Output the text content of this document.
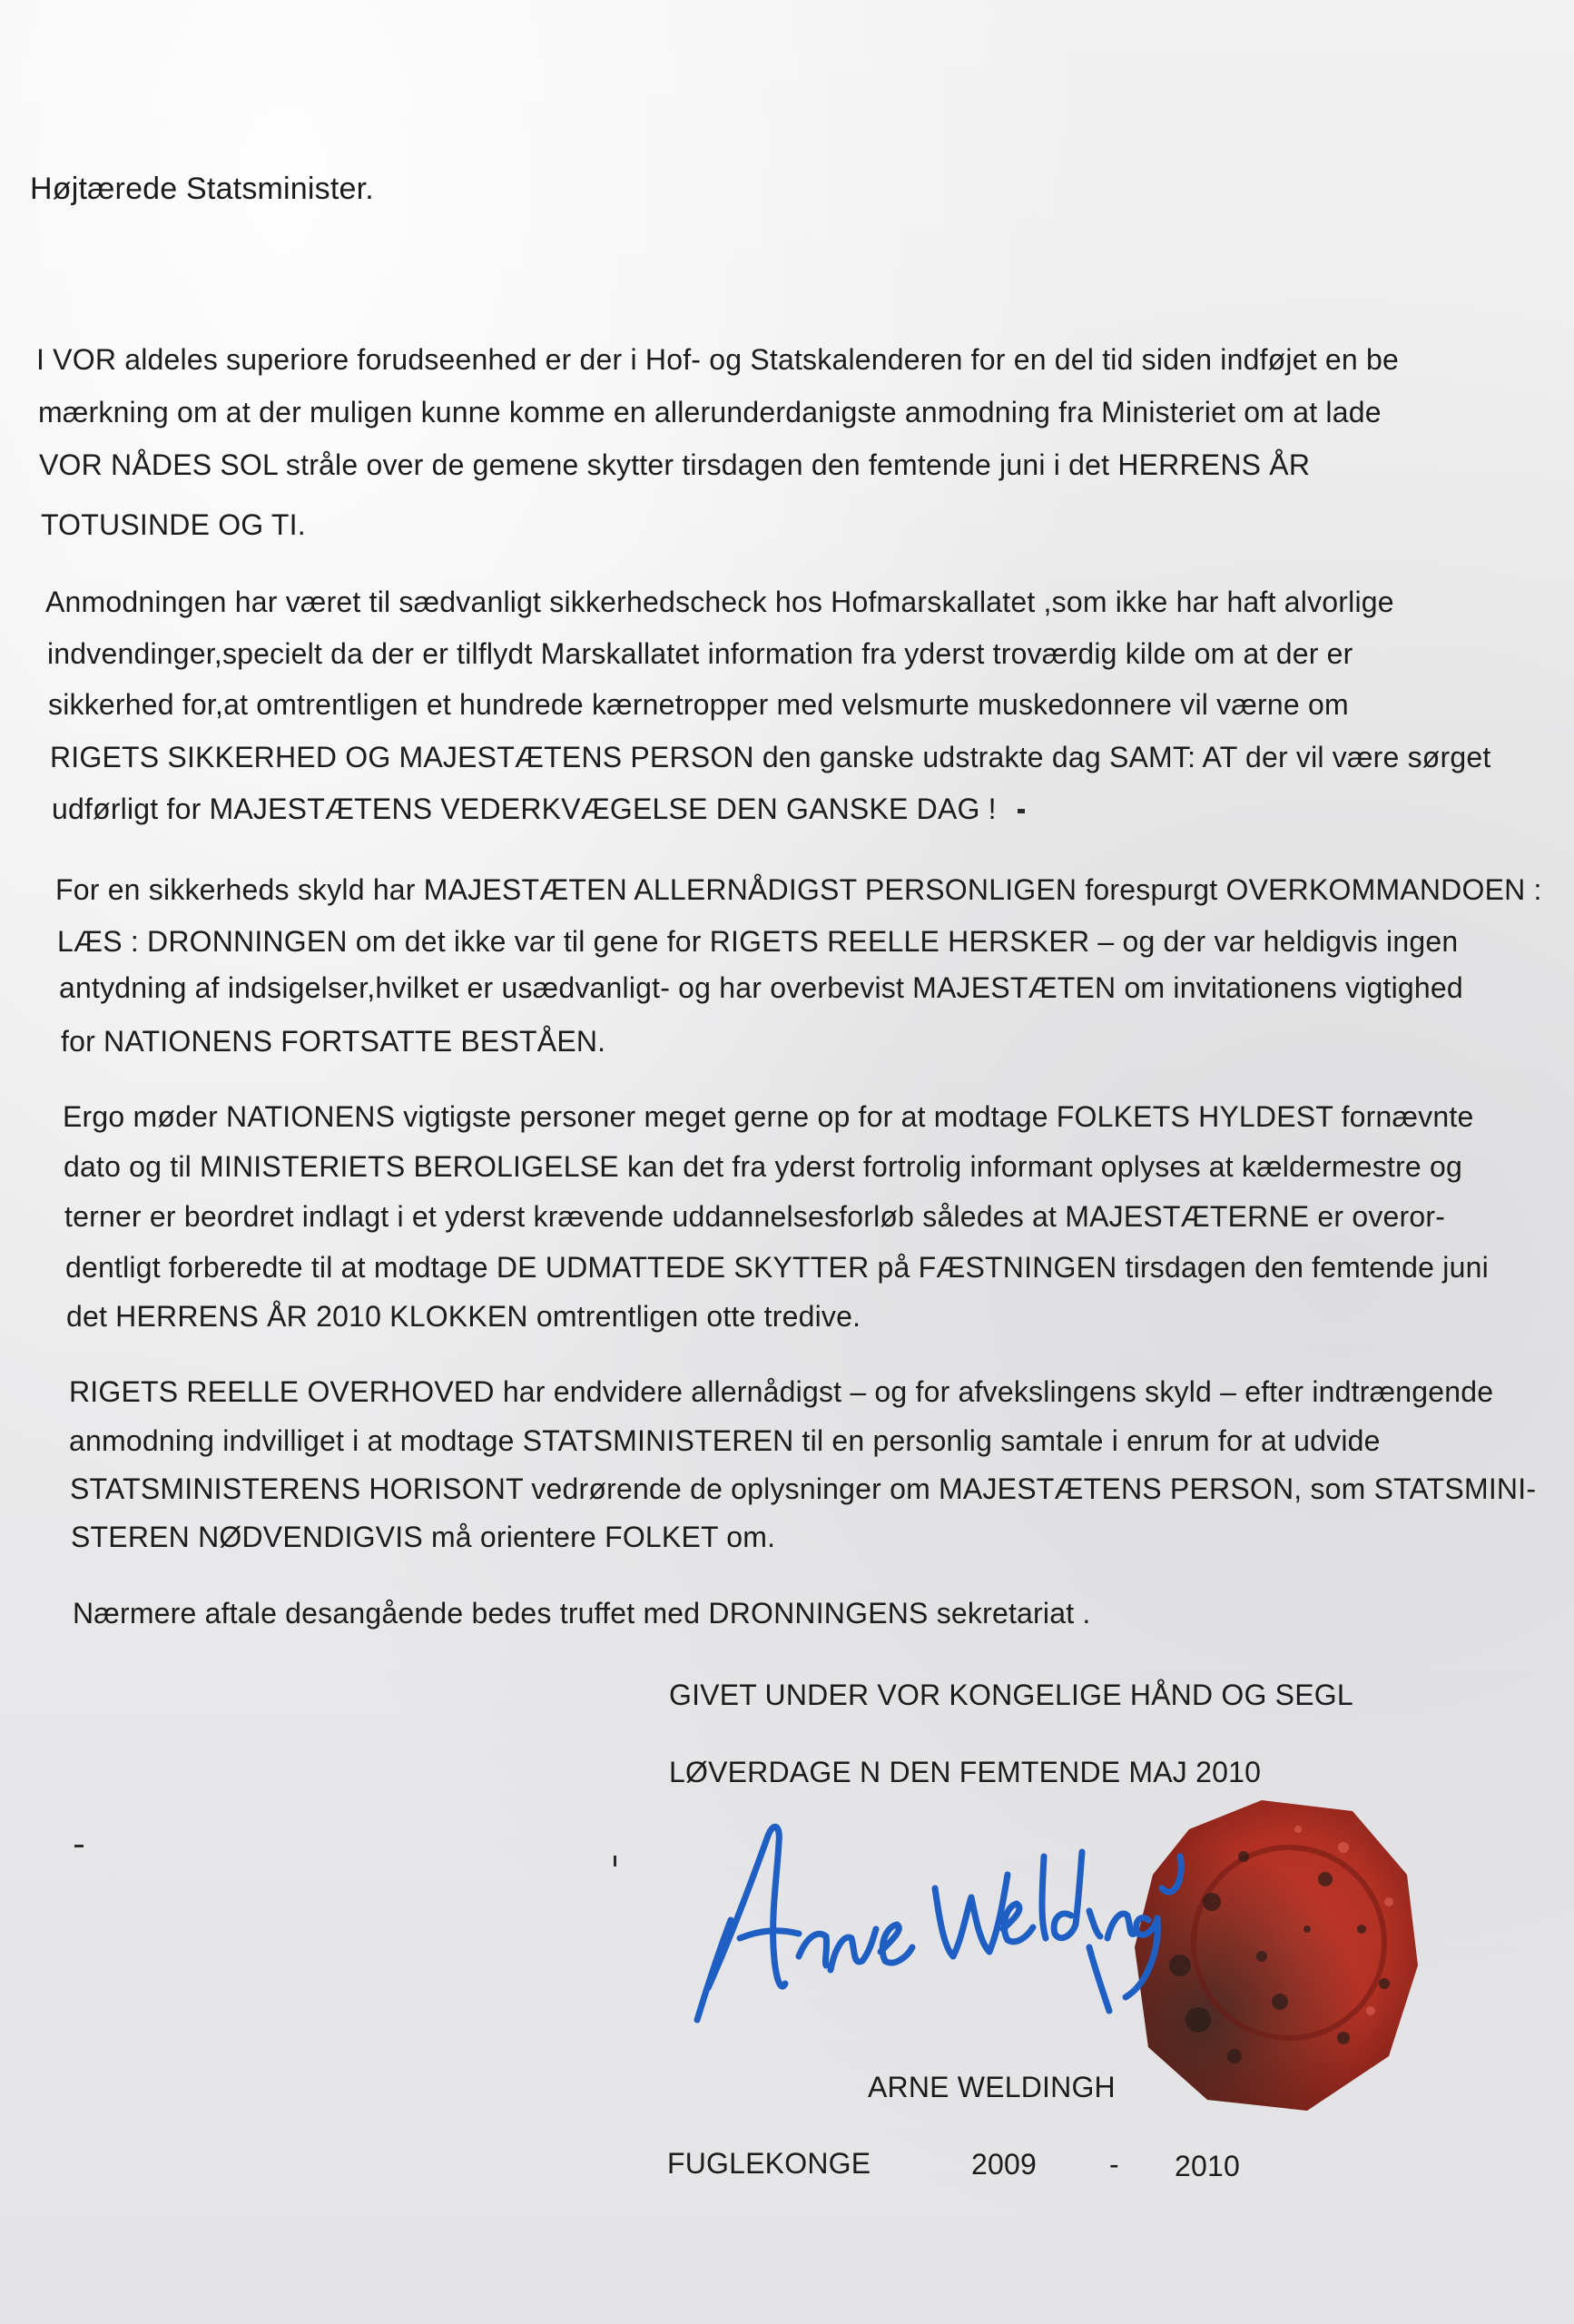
Højtærede Statsminister.
I VOR aldeles superiore forudseenhed er der i Hof- og Statskalenderen for en del tid siden indføjet en be
mærkning om at der muligen kunne komme en allerunderdanigste anmodning fra Ministeriet om at lade
VOR NÅDES SOL stråle over de gemene skytter tirsdagen den femtende juni i det HERRENS ÅR
TOTUSINDE OG TI.
Anmodningen har været til sædvanligt sikkerhedscheck hos Hofmarskallatet ,som ikke har haft alvorlige
indvendinger,specielt da der er tilflydt Marskallatet information fra yderst troværdig kilde om at der er
sikkerhed for,at omtrentligen et hundrede kærnetropper med velsmurte muskedonnere vil værne om
RIGETS SIKKERHED OG MAJESTÆTENS PERSON den ganske udstrakte dag SAMT: AT der vil være sørget
udførligt for MAJESTÆTENS VEDERKVÆGELSE DEN GANSKE DAG !
For en sikkerheds skyld har MAJESTÆTEN ALLERNÅDIGST PERSONLIGEN forespurgt OVERKOMMANDOEN :
LÆS : DRONNINGEN om det ikke var til gene for RIGETS REELLE HERSKER – og der var heldigvis ingen
antydning af indsigelser,hvilket er usædvanligt- og har overbevist MAJESTÆTEN om invitationens vigtighed
for NATIONENS FORTSATTE BESTÅEN.
Ergo møder NATIONENS vigtigste personer meget gerne op for at modtage FOLKETS HYLDEST fornævnte
dato og til MINISTERIETS BEROLIGELSE kan det fra yderst fortrolig informant oplyses at kældermestre og
terner er beordret indlagt i et yderst krævende uddannelsesforløb således at MAJESTÆTERNE er overor-
dentligt forberedte til at modtage DE UDMATTEDE SKYTTER på FÆSTNINGEN tirsdagen den femtende juni
det HERRENS ÅR 2010 KLOKKEN omtrentligen otte tredive.
RIGETS REELLE OVERHOVED har endvidere allernådigst – og for afvekslingens skyld – efter indtrængende
anmodning indvilliget i at modtage STATSMINISTEREN til en personlig samtale i enrum for at udvide
STATSMINISTERENS HORISONT vedrørende de oplysninger om MAJESTÆTENS PERSON, som STATSMINI-
STEREN NØDVENDIGVIS må orientere FOLKET om.
Nærmere aftale desangående bedes truffet med DRONNINGENS sekretariat .
GIVET UNDER VOR KONGELIGE HÅND OG SEGL
LØVERDAGE N DEN FEMTENDE MAJ 2010
ARNE WELDINGH
FUGLEKONGE	2009	- 2010
